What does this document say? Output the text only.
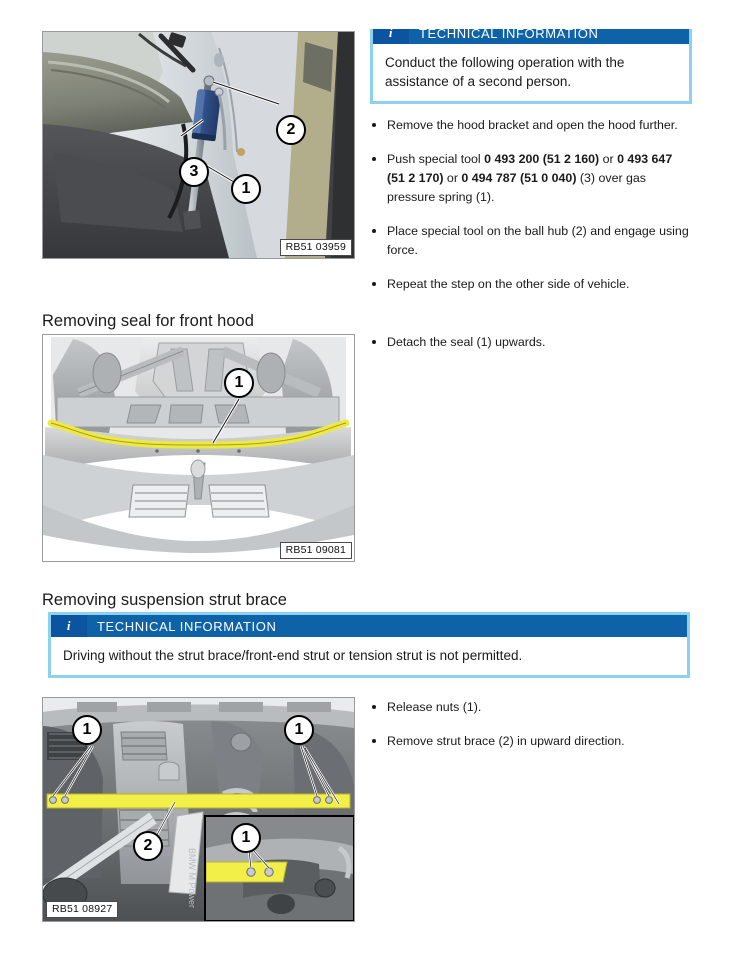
i	TECHNICAL INFORMATION
Conduct the following operation with the assistance of a second person.
1
2
3
RB51 03959
Remove the hood bracket and open the hood further.
Push special tool 0 493 200 (51 2 160) or 0 493 647 (51 2 170) or 0 494 787 (51 0 040) (3) over gas pressure spring (1).
Place special tool on the ball hub (2) and engage using force.
Repeat the step on the other side of vehicle.
Removing seal for front hood
1
RB51 09081
Detach the seal (1) upwards.
Removing suspension strut brace
i	TECHNICAL INFORMATION
Driving without the strut brace/front-end strut or tension strut is not permitted.
BMW M Power
1	1
2	1
RB51 08927
Release nuts (1).
Remove strut brace (2) in upward direction.
